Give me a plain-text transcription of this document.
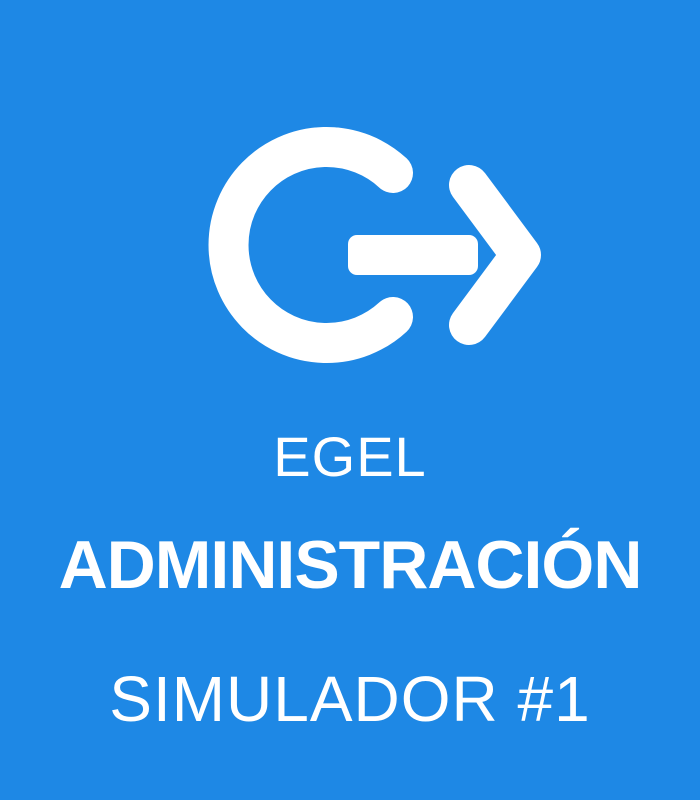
EGEL
ADMINISTRACIÓN
SIMULADOR #1
